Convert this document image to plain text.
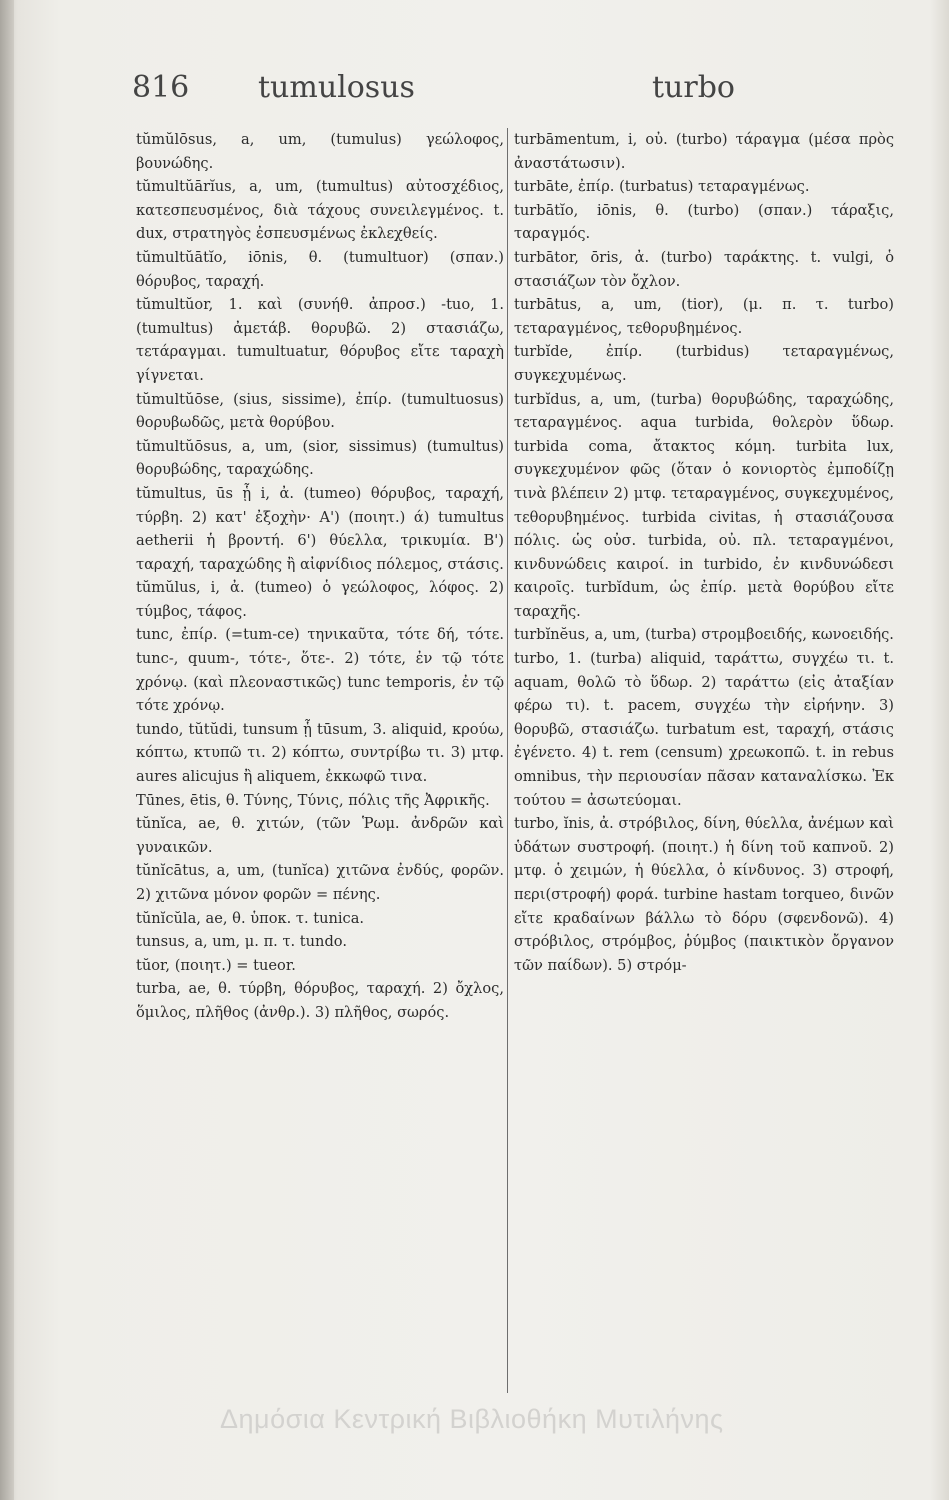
816 tumulosus	turbo
tŭmŭlōsus, a, um, (tumulus) γεώλοφος, βουνώδης.
tŭmultŭārĭus, a, um, (tumultus) αὐτοσχέδιος, κατεσπευσμένος, διὰ τάχους συνειλεγμένος. t. dux, στρατηγὸς ἐσπευσμένως ἐκλεχθείς.
tŭmultŭātĭo, iōnis, θ. (tumultuor) (σπαν.) θόρυβος, ταραχή.
tŭmultŭor, 1. καὶ (συνήθ. ἀπροσ.) -tuo, 1. (tumultus) ἀμετάβ. θορυβῶ. 2) στασιάζω, τετάραγμαι. tumultuatur, θόρυβος εἴτε ταραχὴ γίγνεται.
tŭmultŭōse, (sius, sissime), ἐπίρ. (tumultuosus) θορυβωδῶς, μετὰ θορύβου.
tŭmultŭōsus, a, um, (sior, sissimus) (tumultus) θορυβώδης, ταραχώδης.
tŭmultus, ūs ᾗ i, ἀ. (tumeo) θόρυβος, ταραχή, τύρβη. 2) κατ' ἐξοχὴν· Α') (ποιητ.) ά) tumultus aetherii ἡ βροντή. 6') θύελλα, τρικυμία. Β') ταραχή, ταραχώδης ἢ αἰφνίδιος πόλεμος, στάσις.
tŭmŭlus, i, ἀ. (tumeo) ὁ γεώλοφος, λόφος. 2) τύμβος, τάφος.
tunc, ἐπίρ. (=tum-ce) τηνικαῦτα, τότε δή, τότε. tunc-, quum-, τότε-, ὅτε-. 2) τότε, ἐν τῷ τότε χρόνῳ. (καὶ πλεοναστικῶς) tunc temporis, ἐν τῷ τότε χρόνῳ.
tundo, tŭtŭdi, tunsum ᾗ tūsum, 3. aliquid, κρούω, κόπτω, κτυπῶ τι. 2) κόπτω, συντρίβω τι. 3) μτφ. aures alicujus ἢ aliquem, ἐκκωφῶ τινα.
Tūnes, ētis, θ. Τύνης, Τύνις, πόλις τῆς Ἀφρικῆς.
tŭnĭca, ae, θ. χιτών, (τῶν Ῥωμ. ἀνδρῶν καὶ γυναικῶν.
tŭnĭcātus, a, um, (tunĭca) χιτῶνα ἐνδύς, φορῶν. 2) χιτῶνα μόνον φορῶν = πένης.
tŭnĭcŭla, ae, θ. ὑποκ. τ. tunica.
tunsus, a, um, μ. π. τ. tundo.
tŭor, (ποιητ.) = tueor.
turba, ae, θ. τύρβη, θόρυβος, ταραχή. 2) ὄχλος, ὅμιλος, πλῆθος (ἀνθρ.). 3) πλῆθος, σωρός.
turbāmentum, i, οὐ. (turbo) τάραγμα (μέσα πρὸς ἀναστάτωσιν).
turbāte, ἐπίρ. (turbatus) τεταραγμένως.
turbātĭo, iōnis, θ. (turbo) (σπαν.) τάραξις, ταραγμός.
turbātor, ōris, ἀ. (turbo) ταράκτης. t. vulgi, ὁ στασιάζων τὸν ὄχλον.
turbātus, a, um, (tior), (μ. π. τ. turbo) τεταραγμένος, τεθορυβημένος.
turbĭde, ἐπίρ. (turbidus) τεταραγμένως, συγκεχυμένως.
turbĭdus, a, um, (turba) θορυβώδης, ταραχώδης, τεταραγμένος. aqua turbida, θολερὸν ὕδωρ. turbida coma, ἄτακτος κόμη. turbita lux, συγκεχυμένον φῶς (ὅταν ὁ κονιορτὸς ἐμποδίζῃ τινὰ βλέπειν 2) μτφ. τεταραγμένος, συγκεχυμένος, τεθορυβημένος. turbida civitas, ἡ στασιάζουσα πόλις. ὡς οὐσ. turbida, οὐ. πλ. τεταραγμένοι, κινδυνώδεις καιροί. in turbido, ἐν κινδυνώδεσι καιροῖς. turbĭdum, ὡς ἐπίρ. μετὰ θορύβου εἴτε ταραχῆς.
turbĭnĕus, a, um, (turba) στρομβοειδής, κωνοειδής.
turbo, 1. (turba) aliquid, ταράττω, συγχέω τι. t. aquam, θολῶ τὸ ὕδωρ. 2) ταράττω (εἰς ἀταξίαν φέρω τι). t. pacem, συγχέω τὴν εἰρήνην. 3) θορυβῶ, στασιάζω. turbatum est, ταραχή, στάσις ἐγένετο. 4) t. rem (censum) χρεωκοπῶ. t. in rebus omnibus, τὴν περιουσίαν πᾶσαν καταναλίσκω. Ἐκ τούτου = ἀσωτεύομαι.
turbo, ĭnis, ἀ. στρόβιλος, δίνη, θύελλα, ἀνέμων καὶ ὑδάτων συστροφή. (ποιητ.) ἡ δίνη τοῦ καπνοῦ. 2) μτφ. ὁ χειμών, ἡ θύελλα, ὁ κίνδυνος. 3) στροφή, περι(στροφή) φορά. turbine hastam torqueo, δινῶν εἴτε κραδαίνων βάλλω τὸ δόρυ (σφενδονῶ). 4) στρόβιλος, στρόμβος, ῥύμβος (παικτικὸν ὄργανον τῶν παίδων). 5) στρόμ-
Δημόσια Κεντρική Βιβλιοθήκη Μυτιλήνης
